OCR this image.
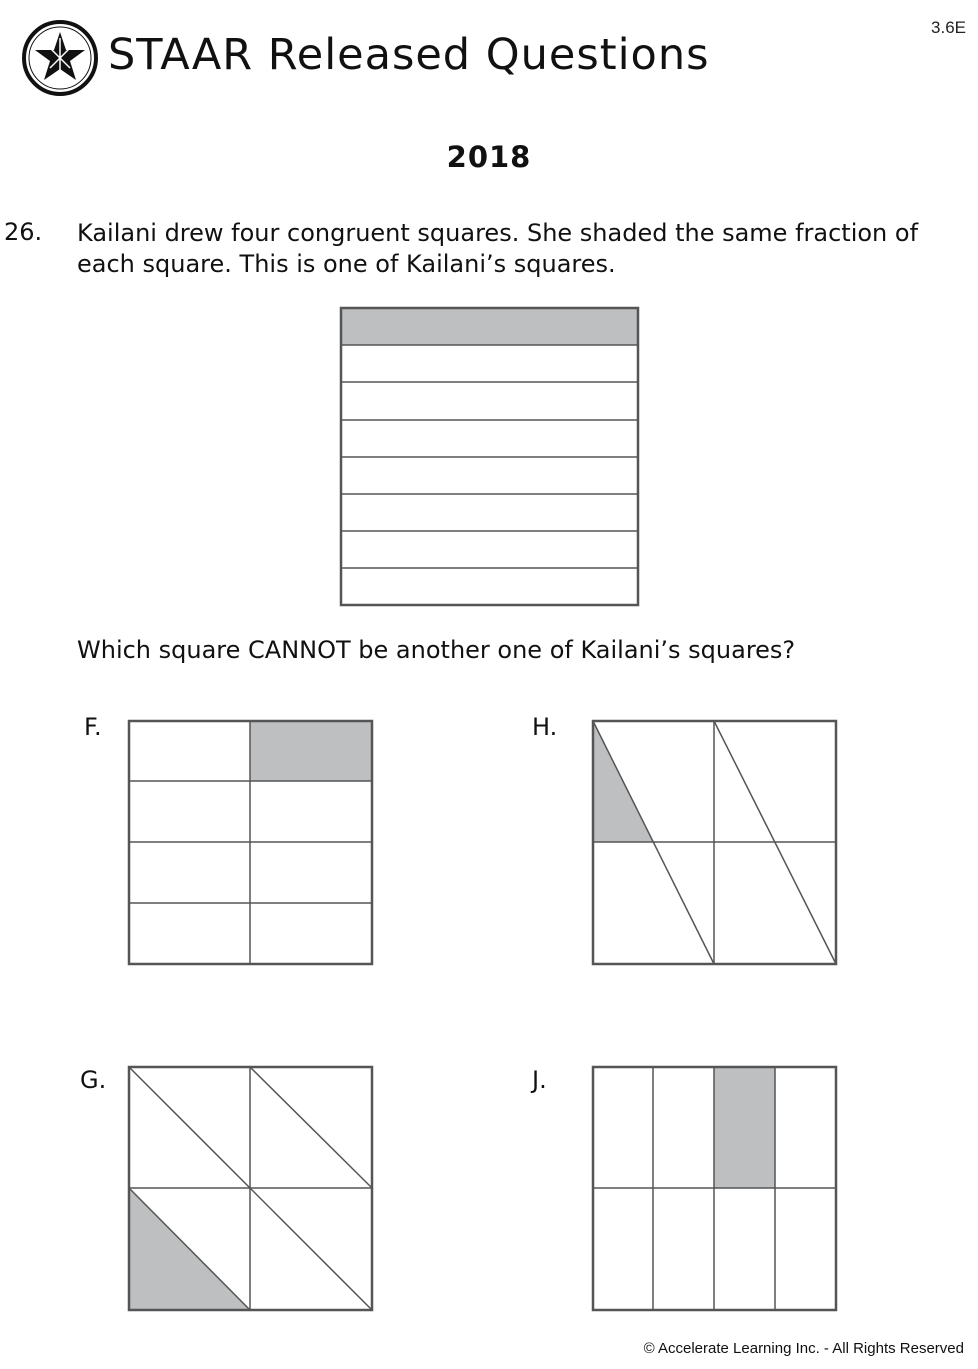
3.6E
STAAR Released Questions
2018
26. Kailani drew four congruent squares. She shaded the same fraction of each square. This is one of Kailani’s squares.
Which square CANNOT be another one of Kailani’s squares?
F.	H.
G.	J.
© Accelerate Learning Inc. - All Rights Reserved
